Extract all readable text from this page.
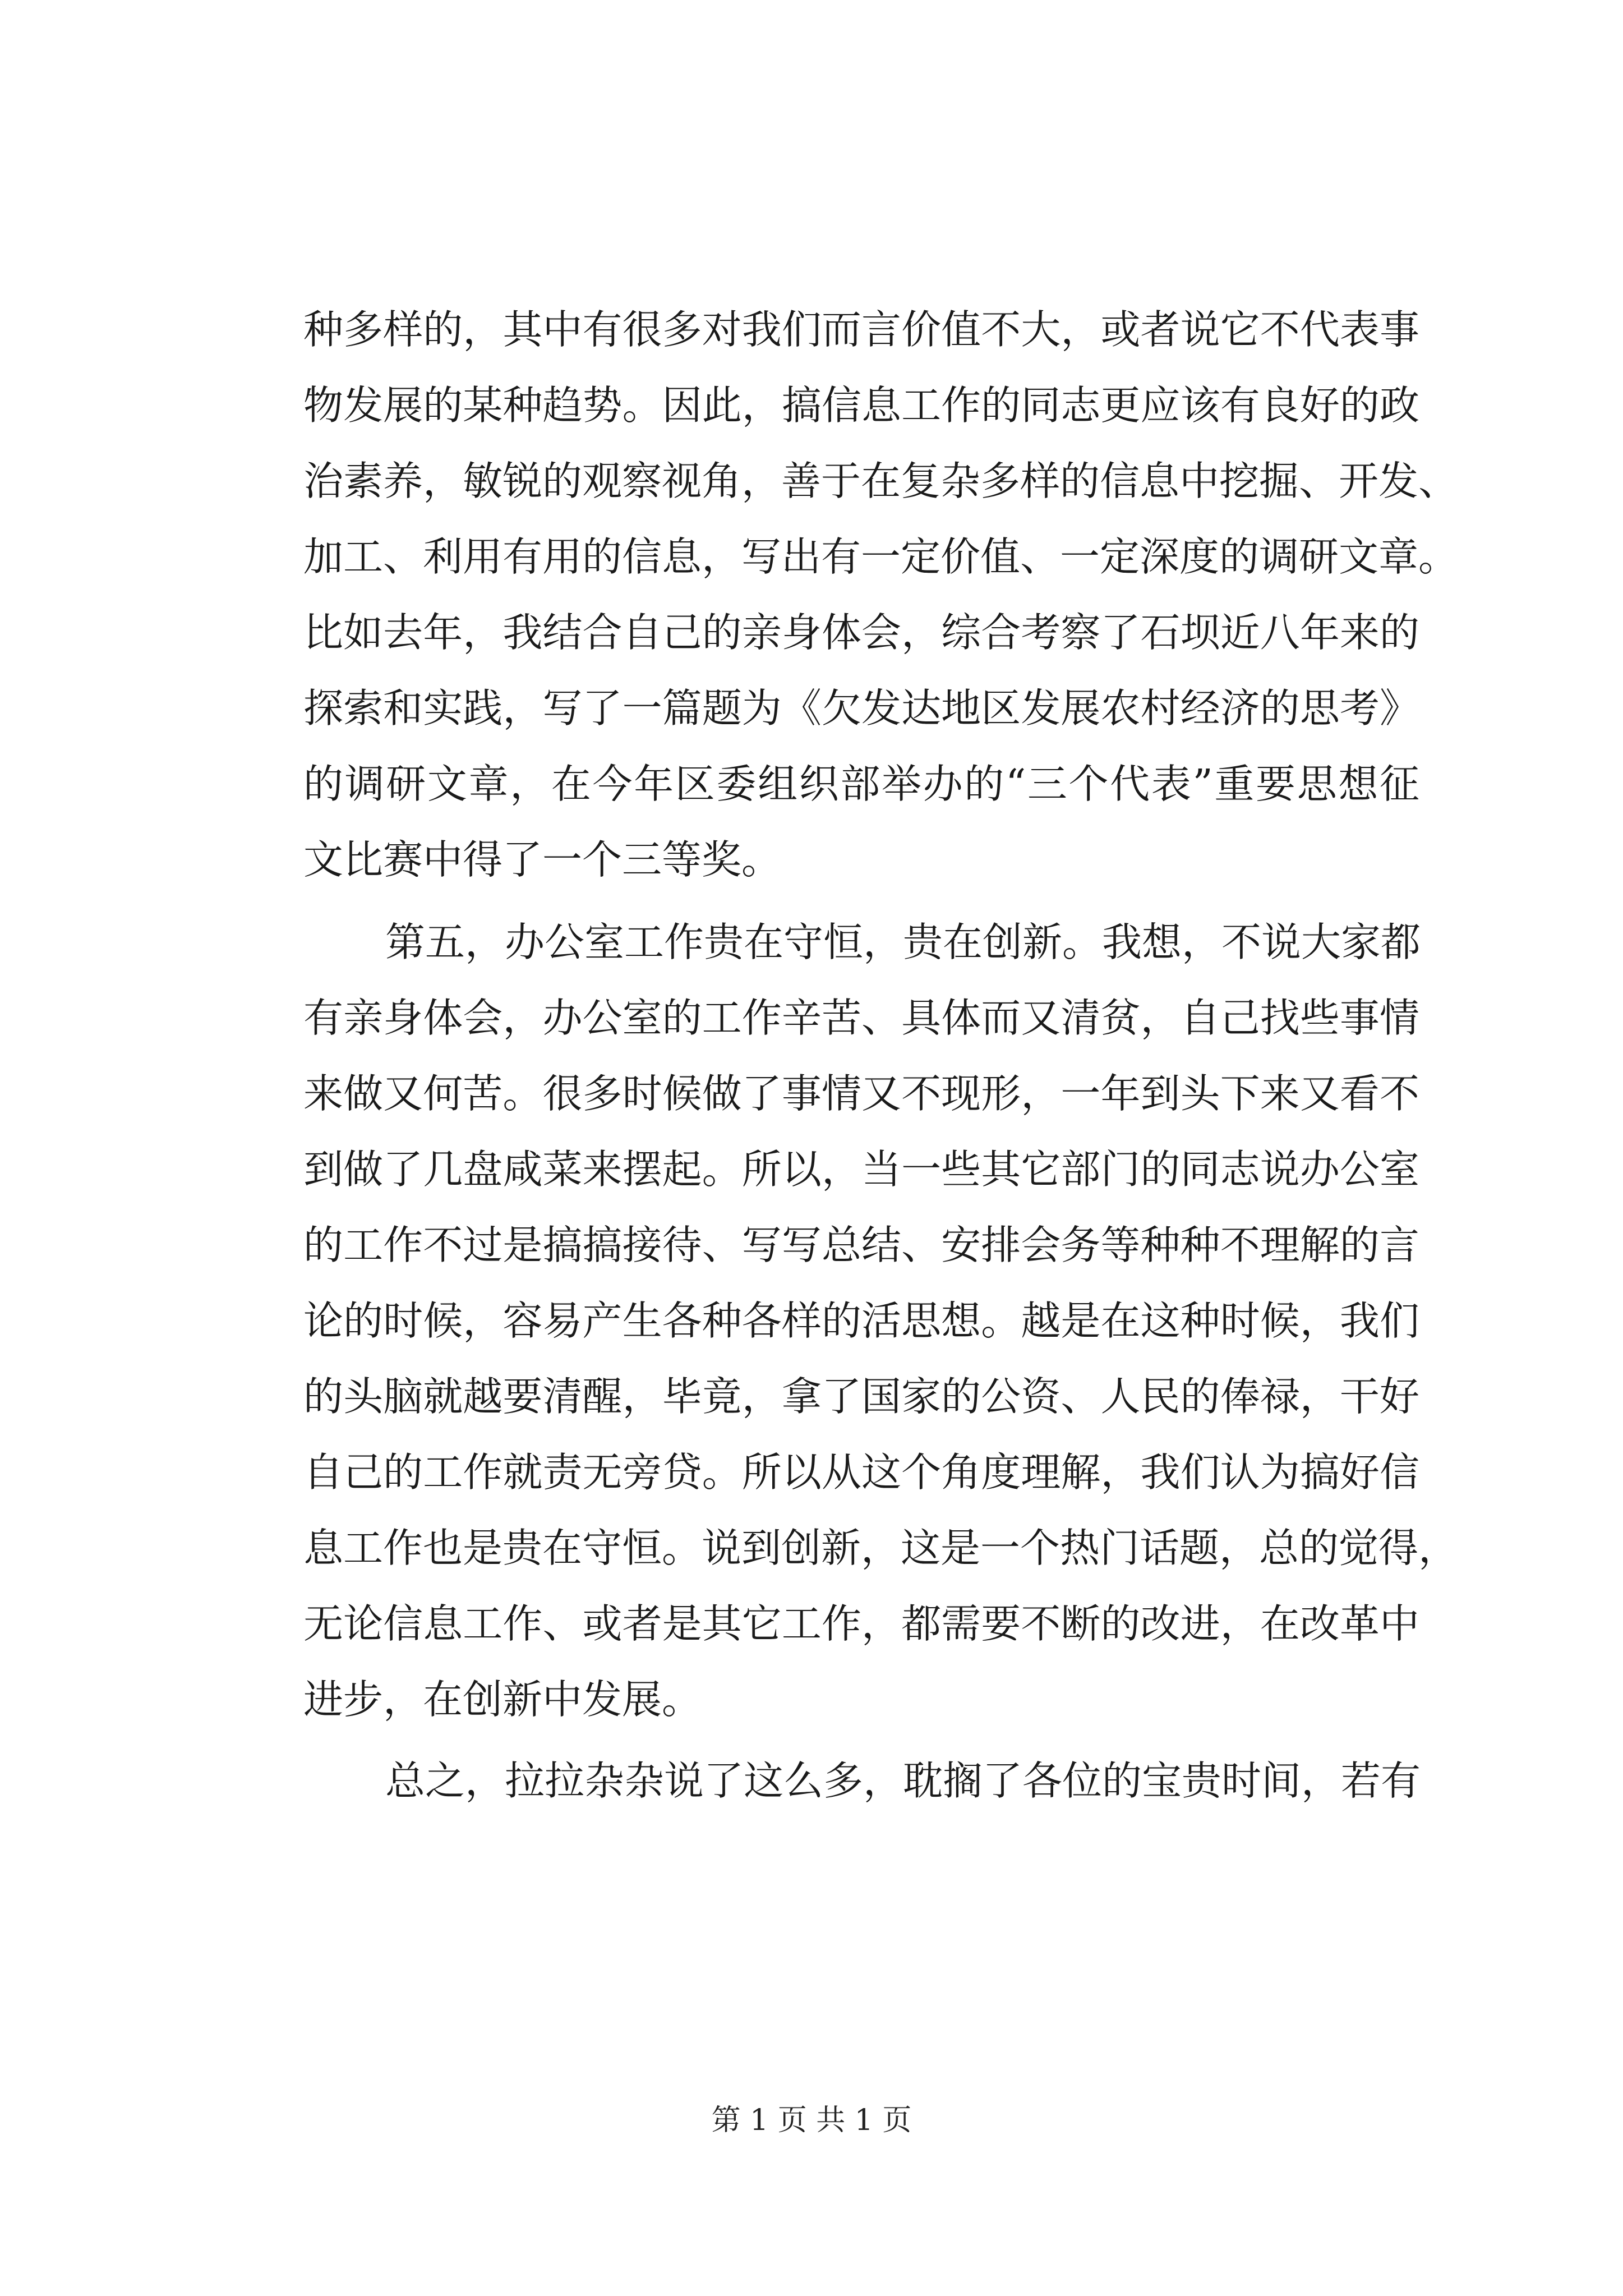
种多样的，其中有很多对我们而言价值不大，或者说它不代表事
物发展的某种趋势。因此，搞信息工作的同志更应该有良好的政
治素养，敏锐的观察视角，善于在复杂多样的信息中挖掘、开发、
加工、利用有用的信息，写出有一定价值、一定深度的调研文章。
比如去年，我结合自己的亲身体会，综合考察了石坝近八年来的
探索和实践，写了一篇题为《欠发达地区发展农村经济的思考》
的调研文章，在今年区委组织部举办的“三个代表”重要思想征
文比赛中得了一个三等奖。
第五，办公室工作贵在守恒，贵在创新。我想，不说大家都
有亲身体会，办公室的工作辛苦、具体而又清贫，自己找些事情
来做又何苦。很多时候做了事情又不现形，一年到头下来又看不
到做了几盘咸菜来摆起。所以，当一些其它部门的同志说办公室
的工作不过是搞搞接待、写写总结、安排会务等种种不理解的言
论的时候，容易产生各种各样的活思想。越是在这种时候，我们
的头脑就越要清醒，毕竟，拿了国家的公资、人民的俸禄，干好
自己的工作就责无旁贷。所以从这个角度理解，我们认为搞好信
息工作也是贵在守恒。说到创新，这是一个热门话题，总的觉得，
无论信息工作、或者是其它工作，都需要不断的改进，在改革中
进步，在创新中发展。
总之，拉拉杂杂说了这么多，耽搁了各位的宝贵时间，若有
第 1 页 共 1 页
